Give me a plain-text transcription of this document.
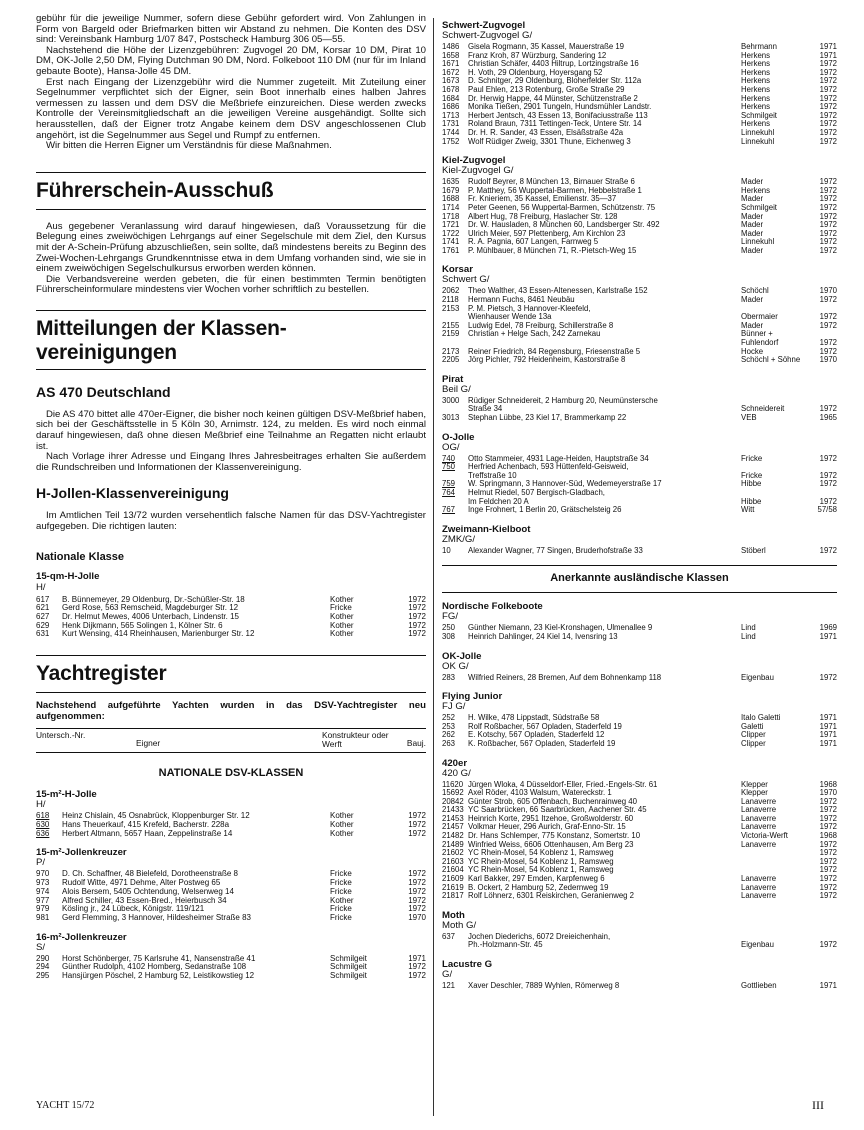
gebühr für die jeweilige Nummer, sofern diese Gebühr gefordert wird. Von Zahlungen in Form von Bargeld oder Briefmarken bitten wir Abstand zu nehmen. Die Konten des DSV sind: Vereinsbank Hamburg 1/07 847, Postscheck Hamburg 306 05—55.

Nachstehend die Höhe der Lizenzgebühren: Zugvogel 20 DM, Korsar 10 DM, Pirat 10 DM, OK-Jolle 2,50 DM, Flying Dutchman 90 DM, Nord. Folkeboot 110 DM (nur für im Inland gebaute Boote), Hansa-Jolle 45 DM.

Erst nach Eingang der Lizenzgebühr wird die Nummer zugeteilt. Mit Zuteilung einer Segelnummer verpflichtet sich der Eigner, sein Boot innerhalb eines halben Jahres vermessen zu lassen und dem DSV die Meßbriefe einzureichen. Diese werden zwecks Kontrolle der Vereinsmitgliedschaft an die jeweiligen Vereine ausgehändigt. Sollte sich herausstellen, daß der Eigner trotz Angabe keinem dem DSV angeschlossenen Club angehört, ist die Segelnummer aus Segel und Rumpf zu entfernen.

Wir bitten die Herren Eigner um Verständnis für diese Maßnahmen.

Führerschein-Ausschuß

Aus gegebener Veranlassung wird darauf hingewiesen, daß Voraussetzung für die Belegung eines zweiwöchigen Lehrgangs auf einer Segelschule mit dem Ziel, den Kursus mit der A-Schein-Prüfung abzuschließen, sein sollte, daß mindestens bereits zu Beginn des Zwei-Wochen-Lehrgangs Grundkenntnisse etwa in dem Umfang vorhanden sind, wie sie in einem zweiwöchigen Segelschulkursus erworben werden können.

Die Verbandsvereine werden gebeten, die für einen bestimmten Termin benötigten Führerscheinformulare mindestens vier Wochen vorher schriftlich zu bestellen.

Mitteilungen der Klassen-
vereinigungen
AS 470 Deutschland

Die AS 470 bittet alle 470er-Eigner, die bisher noch keinen gültigen DSV-Meßbrief haben, sich bei der Geschäftsstelle in 5 Köln 30, Arnimstr. 124, zu melden. Es wird noch einmal darauf hingewiesen, daß ohne diesen Meßbrief eine Teilnahme an Regatten nicht erlaubt ist.

Nach Vorlage ihrer Adresse und Eingang Ihres Jahresbeitrages erhalten Sie außerdem die Rundschreiben und Informationen der Klassenvereinigung.

H-Jollen-Klassenvereinigung

Im Amtlichen Teil 13/72 wurden versehentlich falsche Namen für das DSV-Yachtregister aufgegeben. Die richtigen lauten:

Nationale Klasse
15-qm-H-Jolle
H/
617	B. Bünnemeyer, 29 Oldenburg, Dr.-Schüßler-Str. 18	Kother	1972
621	Gerd Rose, 563 Remscheid, Magdeburger Str. 12	Fricke	1972
627	Dr. Helmut Mewes, 4006 Unterbach, Lindenstr. 15	Kother	1972
629	Henk Dijkmann, 565 Solingen 1, Kölner Str. 6	Kother	1972
631	Kurt Wensing, 414 Rheinhausen, Marienburger Str. 12	Kother	1972
Yachtregister

Nachstehend aufgeführte Yachten wurden in das DSV-Yachtregister neu aufgenommen:

Untersch.-Nr.	Eigner	Konstrukteur oder Werft	Bauj.
NATIONALE DSV-KLASSEN
15-m²-H-Jolle
H/
618	Heinz Chislain, 45 Osnabrück, Kloppenburger Str. 12	Kother	1972
630	Hans Theuerkauf, 415 Krefeld, Bacherstr. 228a	Kother	1972
636	Herbert Altmann, 5657 Haan, Zeppelinstraße 14	Kother	1972
15-m²-Jollenkreuzer
P/
970	D. Ch. Schaffner, 48 Bielefeld, Dorotheenstraße 8	Fricke	1972
973	Rudolf Witte, 4971 Dehme, Alter Postweg 65	Fricke	1972
974	Alois Bersem, 5405 Ochtendung, Welsenweg 14	Fricke	1972
977	Alfred Schiller, 43 Essen-Bred., Heierbusch 34	Kother	1972
979	Kösling jr., 24 Lübeck, Königstr. 119/121	Fricke	1972
981	Gerd Flemming, 3 Hannover, Hildesheimer Straße 83	Fricke	1970
16-m²-Jollenkreuzer
S/
290	Horst Schönberger, 75 Karlsruhe 41, Nansenstraße 41	Schmilgeit	1971
294	Günther Rudolph, 4102 Homberg, Sedanstraße 108	Schmilgeit	1972
295	Hansjürgen Pöschel, 2 Hamburg 52, Leistikowstieg 12	Schmilgeit	1972
Schwert-Zugvogel
Schwert-Zugvogel G/
1486	Gisela Rogmann, 35 Kassel, Mauerstraße 19	Behrmann	1971
1658	Franz Kroh, 87 Würzburg, Sandering 12	Herkens	1971
1671	Christian Schäfer, 4403 Hiltrup, Lortzingstraße 16	Herkens	1972
1672	H. Voth, 29 Oldenburg, Hoyersgang 52	Herkens	1972
1673	D. Schnitger, 29 Oldenburg, Bloherfelder Str. 112a	Herkens	1972
1678	Paul Ehlen, 213 Rotenburg, Große Straße 29	Herkens	1972
1684	Dr. Herwig Happe, 44 Münster, Schützenstraße 2	Herkens	1972
1686	Monika Tießen, 2901 Tungeln, Hundsmühler Landstr.	Herkens	1972
1713	Herbert Jentsch, 43 Essen 13, Bonifaciusstraße 113	Schmilgeit	1972
1731	Roland Braun, 7311 Tettingen-Teck, Untere Str. 14	Herkens	1972
1744	Dr. H. R. Sander, 43 Essen, Elsäßstraße 42a	Linnekuhl	1972
1752	Wolf Rüdiger Zweig, 3301 Thune, Eichenweg 3	Linnekuhl	1972
Kiel-Zugvogel
Kiel-Zugvogel G/
1635	Rudolf Beyrer, 8 München 13, Birnauer Straße 6	Mader	1972
1679	P. Matthey, 56 Wuppertal-Barmen, Hebbelstraße 1	Herkens	1972
1688	Fr. Knieriem, 35 Kassel, Emilienstr. 35—37	Mader	1972
1714	Peter Geenen, 56 Wuppertal-Barmen, Schützenstr. 75	Schmilgeit	1972
1718	Albert Hug, 78 Freiburg, Haslacher Str. 128	Mader	1972
1721	Dr. W. Hausladen, 8 München 60, Landsberger Str. 492	Mader	1972
1722	Ulrich Meier, 597 Plettenberg, Am Kirchlon 23	Mader	1972
1741	R. A. Pagnia, 607 Langen, Farnweg 5	Linnekuhl	1972
1761	P. Mühlbauer, 8 München 71, R.-Pietsch-Weg 15	Mader	1972
Korsar
Schwert G/
2062	Theo Walther, 43 Essen-Altenessen, Karlstraße 152	Schöchl	1970
2118	Hermann Fuchs, 8461 Neubäu	Mader	1972
2153	P. M. Pietsch, 3 Hannover-Kleefeld,		
	Wienhauser Wende 13a	Obermaier	1972
2155	Ludwig Edel, 78 Freiburg, Schillerstraße 8	Mader	1972
2159	Christian + Helge Sach, 242 Zarnekau	Bünner +	
		Fuhlendorf	1972
2173	Reiner Friedrich, 84 Regensburg, Friesenstraße 5	Hocke	1972
2205	Jörg Pichler, 792 Heidenheim, Kastorstraße 8	Schöchl + Söhne	1970
Pirat
Beil G/
3000	Rüdiger Schneidereit, 2 Hamburg 20, Neumünstersche		
	Straße 34	Schneidereit	1972
3013	Stephan Lübbe, 23 Kiel 17, Brammerkamp 22	VEB	1965
O-Jolle
OG/
740	Otto Stammeier, 4931 Lage-Heiden, Hauptstraße 34	Fricke	1972
750	Herfried Achenbach, 593 Hüttenfeld-Geisweid,		
	Treffstraße 10	Fricke	1972
759	W. Springmann, 3 Hannover-Süd, Wedemeyerstraße 17	Hibbe	1972
764	Helmut Riedel, 507 Bergisch-Gladbach,		
	Im Feldchen 20 A	Hibbe	1972
767	Inge Frohnert, 1 Berlin 20, Grätschelsteig 26	Witt	57/58
Zweimann-Kielboot
ZMK/G/
10	Alexander Wagner, 77 Singen, Bruderhofstraße 33	Stöberl	1972
Anerkannte ausländische Klassen
Nordische Folkeboote
FG/
250	Günther Niemann, 23 Kiel-Kronshagen, Ulmenallee 9	Lind	1969
308	Heinrich Dahlinger, 24 Kiel 14, Ivensring 13	Lind	1971
OK-Jolle
OK G/
283	Wilfried Reiners, 28 Bremen, Auf dem Bohnenkamp 118	Eigenbau	1972
Flying Junior
FJ G/
252	H. Wilke, 478 Lippstadt, Südstraße 58	Italo Galetti	1971
253	Rolf Roßbacher, 567 Opladen, Staderfeld 19	Galetti	1971
262	E. Kotschy, 567 Opladen, Staderfeld 12	Clipper	1971
263	K. Roßbacher, 567 Opladen, Staderfeld 19	Clipper	1971
420er
420 G/
11620	Jürgen Wloka, 4 Düsseldorf-Eller, Fried.-Engels-Str. 61	Klepper	1968
15692	Axel Röder, 4103 Walsum, Watereckstr. 1	Klepper	1970
20842	Günter Strob, 605 Offenbach, Buchenrainweg 40	Lanaverre	1972
21433	YC Saarbrücken, 66 Saarbrücken, Aachener Str. 45	Lanaverre	1972
21453	Heinrich Korte, 2951 Itzehoe, Großwolderstr. 60	Lanaverre	1972
21457	Volkmar Heuer, 296 Aurich, Graf-Enno-Str. 15	Lanaverre	1972
21482	Dr. Hans Schlemper, 775 Konstanz, Somertstr. 10	Victoria-Werft	1968
21489	Winfried Weiss, 6606 Ottenhausen, Am Berg 23	Lanaverre	1972
21602	YC Rhein-Mosel, 54 Koblenz 1, Ramsweg		1972
21603	YC Rhein-Mosel, 54 Koblenz 1, Ramsweg		1972
21604	YC Rhein-Mosel, 54 Koblenz 1, Ramsweg		1972
21609	Karl Bakker, 297 Emden, Karpfenweg 6	Lanaverre	1972
21619	B. Ockert, 2 Hamburg 52, Zedernweg 19	Lanaverre	1972
21817	Rolf Löhnerz, 6301 Reiskirchen, Geranienweg 2	Lanaverre	1972
Moth
Moth G/
637	Jochen Diederichs, 6072 Dreieichenhain,		
	Ph.-Holzmann-Str. 45	Eigenbau	1972
Lacustre G
G/
121	Xaver Deschler, 7889 Wyhlen, Römerweg 8	Gottlieben	1971
YACHT 15/72	III
